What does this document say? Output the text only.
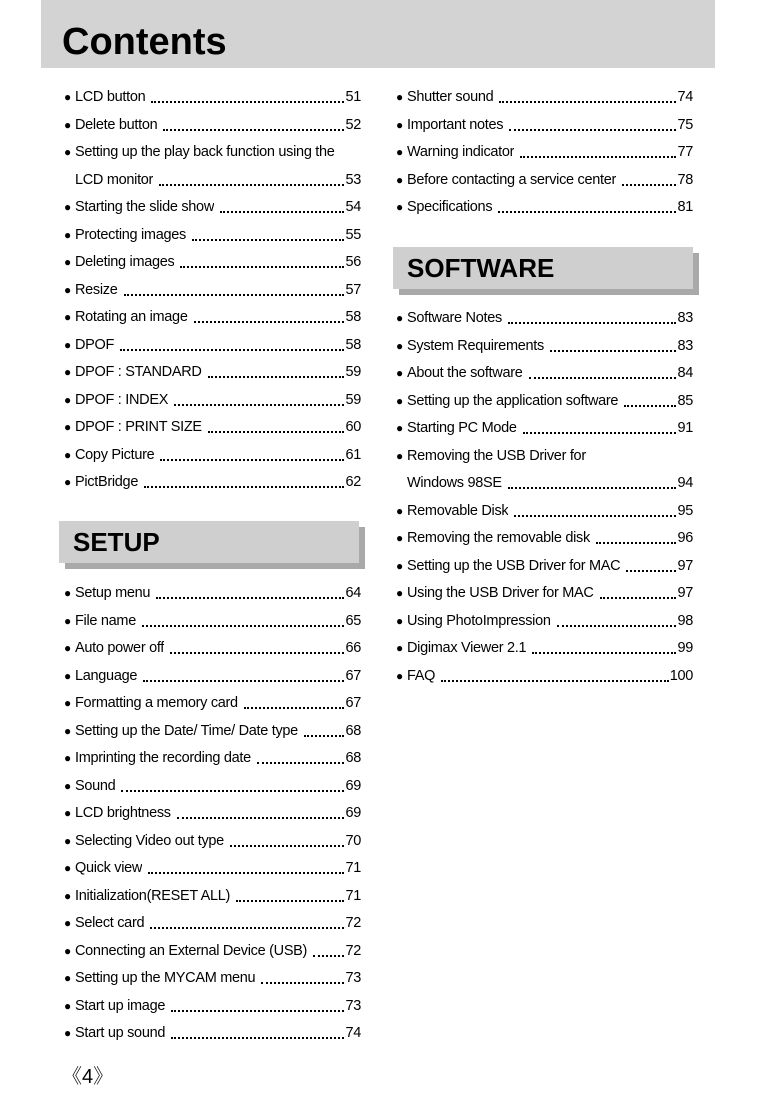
Contents
● LCD button	51
● Delete button	52
● Setting up the play back function using the
LCD monitor	53
● Starting the slide show	54
● Protecting images	55
● Deleting images	56
● Resize	57
● Rotating an image	58
● DPOF	58
● DPOF : STANDARD	59
● DPOF : INDEX	59
● DPOF : PRINT SIZE	60
● Copy Picture	61
● PictBridge	62
● Shutter sound	74
● Important notes	75
● Warning indicator	77
● Before contacting a service center	78
● Specifications	81
SETUP
● Setup menu	64
● File name	65
● Auto power off	66
● Language	67
● Formatting a memory card	67
● Setting up the Date/ Time/ Date type	68
● Imprinting the recording date	68
● Sound	69
● LCD brightness	69
● Selecting Video out type	70
● Quick view	71
● Initialization(RESET ALL)	71
● Select card	72
● Connecting an External Device (USB)	72
● Setting up the MYCAM menu	73
● Start up image	73
● Start up sound	74
SOFTWARE
● Software Notes	83
● System Requirements	83
● About the software	84
● Setting up the application software	85
● Starting PC Mode	91
● Removing the USB Driver for
Windows 98SE	94
● Removable Disk	95
● Removing the removable disk	96
● Setting up the USB Driver for MAC	97
● Using the USB Driver for MAC	97
● Using PhotoImpression	98
● Digimax Viewer 2.1	99
● FAQ	100
《4》
